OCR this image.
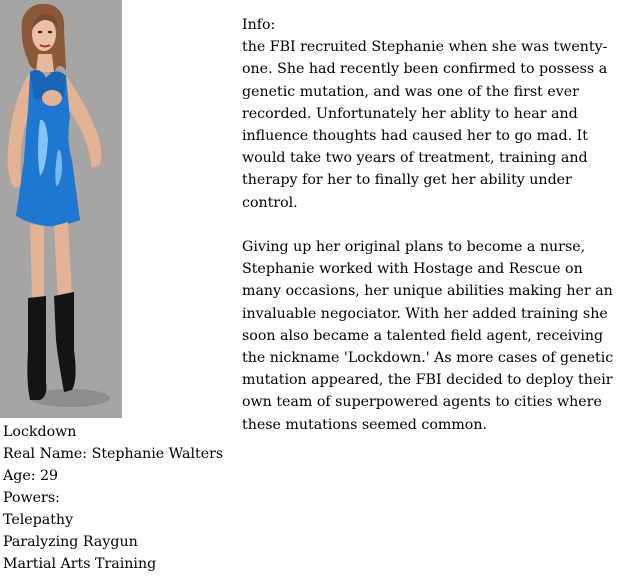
Lockdown
Real Name: Stephanie Walters
Age: 29
Powers:
Telepathy
Paralyzing Raygun
Martial Arts Training

Info:

the FBI recruited Stephanie when she was twenty-one. She had recently been confirmed to possess a genetic mutation, and was one of the first ever recorded. Unfortunately her ablity to hear and influence thoughts had caused her to go mad. It would take two years of treatment, training and therapy for her to finally get her ability under control.

Giving up her original plans to become a nurse, Stephanie worked with Hostage and Rescue on many occasions, her unique abilities making her an invaluable negociator. With her added training she soon also became a talented field agent, receiving the nickname 'Lockdown.' As more cases of genetic mutation appeared, the FBI decided to deploy their own team of superpowered agents to cities where these mutations seemed common.
